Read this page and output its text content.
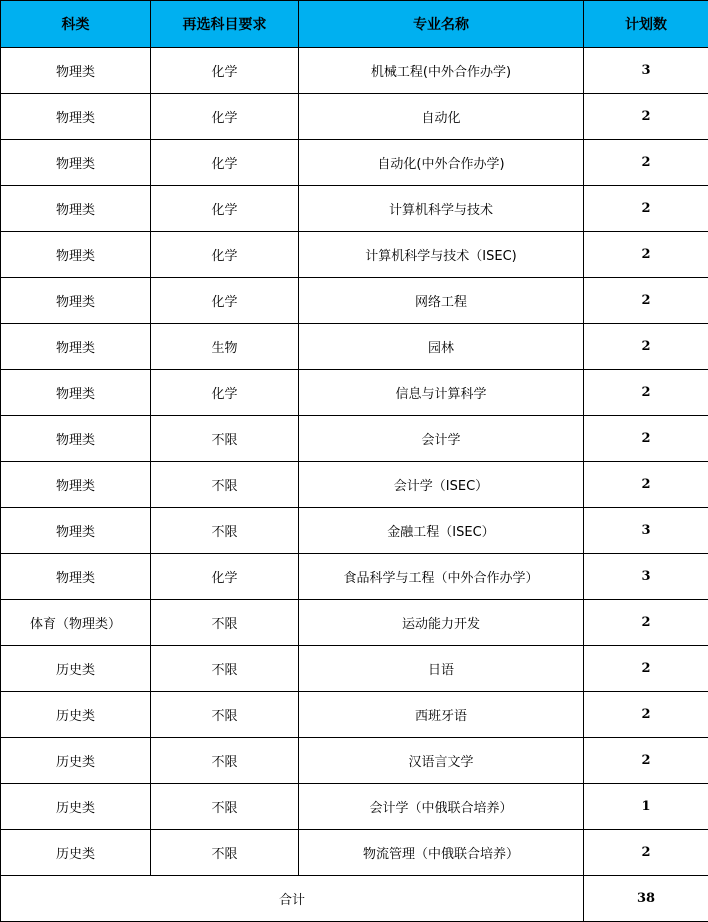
科类	再选科目要求	专业名称	计划数
物理类	化学	机械工程(中外合作办学)	3
物理类	化学	自动化	2
物理类	化学	自动化(中外合作办学)	2
物理类	化学	计算机科学与技术	2
物理类	化学	计算机科学与技术（ISEC)	2
物理类	化学	网络工程	2
物理类	生物	园林	2
物理类	化学	信息与计算科学	2
物理类	不限	会计学	2
物理类	不限	会计学（ISEC）	2
物理类	不限	金融工程（ISEC）	3
物理类	化学	食品科学与工程（中外合作办学）	3
体育（物理类）	不限	运动能力开发	2
历史类	不限	日语	2
历史类	不限	西班牙语	2
历史类	不限	汉语言文学	2
历史类	不限	会计学（中俄联合培养）	1
历史类	不限	物流管理（中俄联合培养）	2
合计			38
